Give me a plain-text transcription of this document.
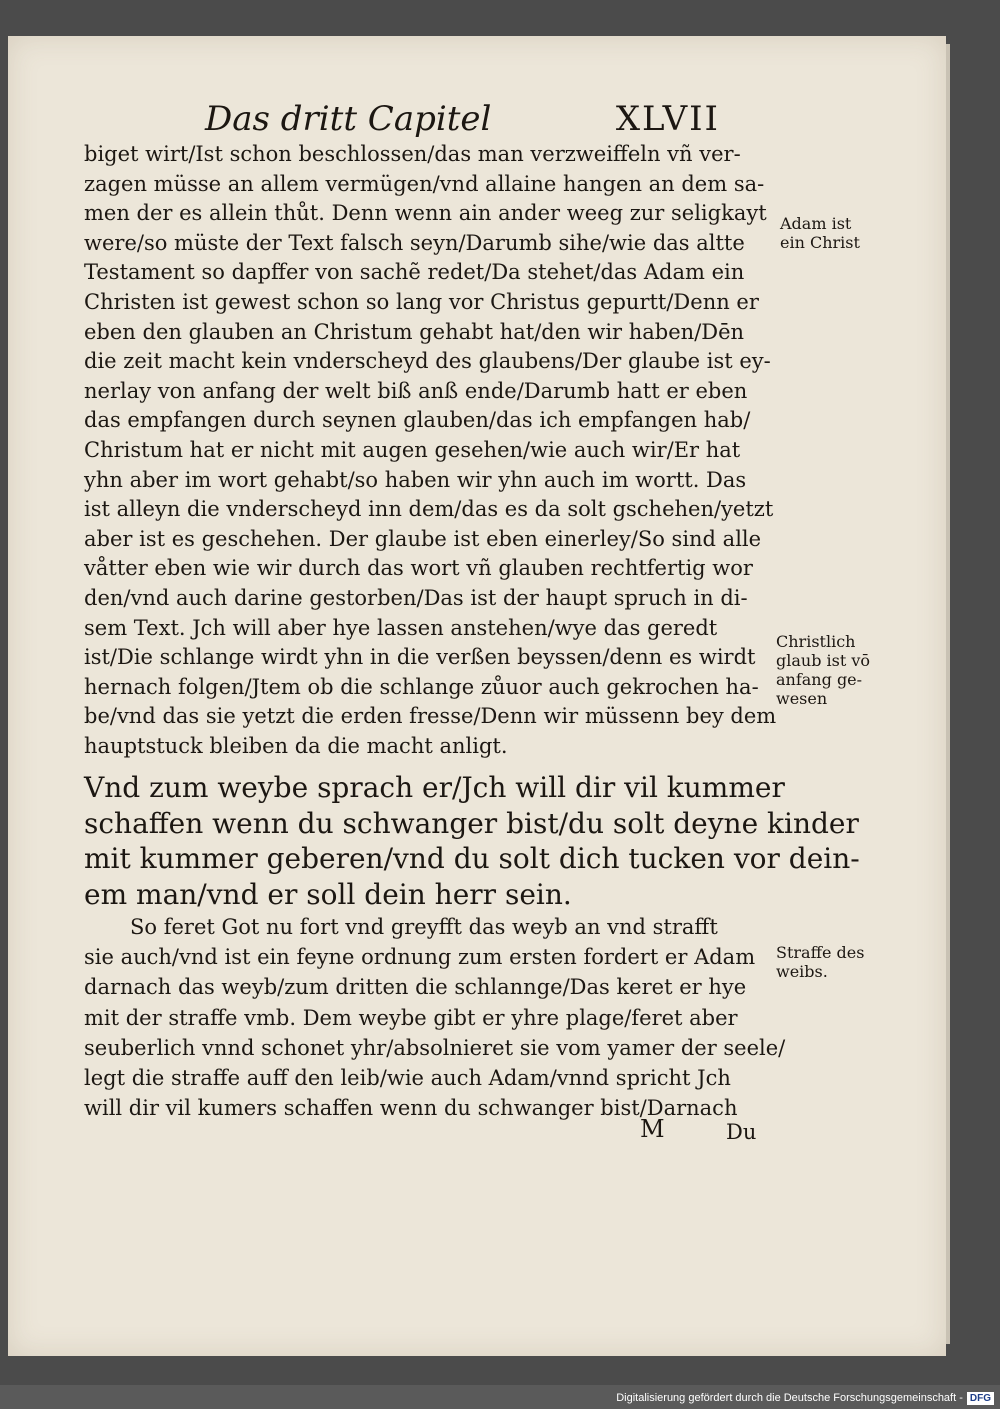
Das dritt Capitel	XLVII
biget wirt/Ist schon beschlossen/das man verzweiffeln vñ ver-
zagen müsse an allem vermügen/vnd allaine hangen an dem sa-
men der es allein thůt. Denn wenn ain ander weeg zur seligkayt
were/so müste der Text falsch seyn/Darumb sihe/wie das altte
Testament so dapffer von sachẽ redet/Da stehet/das Adam ein
Christen ist gewest schon so lang vor Christus gepurtt/Denn er
eben den glauben an Christum gehabt hat/den wir haben/Dēn
die zeit macht kein vnderscheyd des glaubens/Der glaube ist ey-
nerlay von anfang der welt biß anß ende/Darumb hatt er eben
das empfangen durch seynen glauben/das ich empfangen hab/
Christum hat er nicht mit augen gesehen/wie auch wir/Er hat
yhn aber im wort gehabt/so haben wir yhn auch im wortt. Das
ist alleyn die vnderscheyd inn dem/das es da solt gschehen/yetzt
aber ist es geschehen. Der glaube ist eben einerley/So sind alle
våtter eben wie wir durch das wort vñ glauben rechtfertig wor
den/vnd auch darine gestorben/Das ist der haupt spruch in di-
sem Text. Jch will aber hye lassen anstehen/wye das geredt
ist/Die schlange wirdt yhn in die verßen beyssen/denn es wirdt
hernach folgen/Jtem ob die schlange zůuor auch gekrochen ha-
be/vnd das sie yetzt die erden fresse/Denn wir müssenn bey dem
hauptstuck bleiben da die macht anligt.
Vnd zum weybe sprach er/Jch will dir vil kummer
schaffen wenn du schwanger bist/du solt deyne kinder
mit kummer geberen/vnd du solt dich tucken vor dein-
em man/vnd er soll dein herr sein.
So feret Got nu fort vnd greyfft das weyb an vnd strafft
sie auch/vnd ist ein feyne ordnung zum ersten fordert er Adam
darnach das weyb/zum dritten die schlannge/Das keret er hye
mit der straffe vmb. Dem weybe gibt er yhre plage/feret aber
seuberlich vnnd schonet yhr/absolnieret sie vom yamer der seele/
legt die straffe auff den leib/wie auch Adam/vnnd spricht Jch
will dir vil kumers schaffen wenn du schwanger bist/Darnach
Adam ist
ein Christ
Christlich
glaub ist vō
anfang ge-
wesen
Straffe des
weibs.
M	Du
Digitalisierung gefördert durch die Deutsche Forschungsgemeinschaft - DFG
